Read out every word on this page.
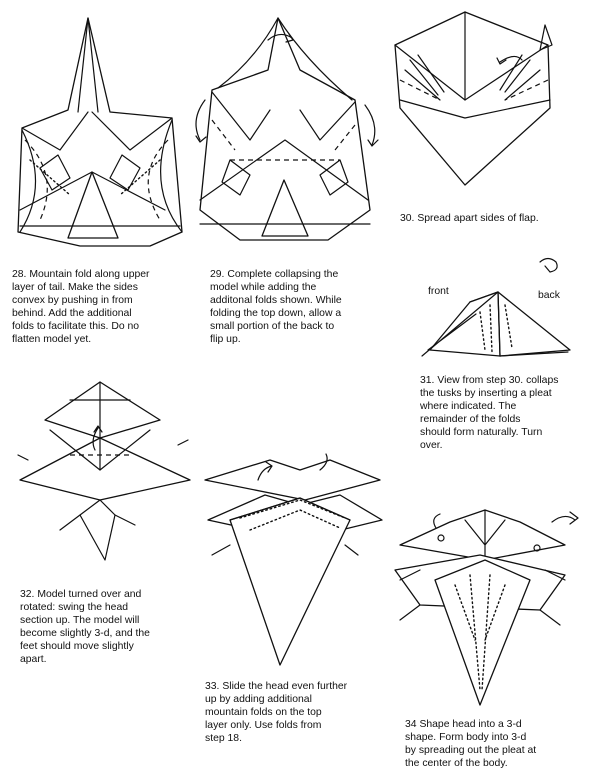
28. Mountain fold along upper
layer of tail. Make the sides
convex by pushing in from
behind. Add the additional
folds to facilitate this. Do no
flatten model yet.
29. Complete collapsing the
model while adding the
additonal folds shown. While
folding the top down, allow a
small portion of the back to
flip up.
30. Spread apart sides of flap.
front	back
31. View from step 30. collaps
the tusks by inserting a pleat
where indicated. The
remainder of the folds
should form naturally. Turn
over.
32. Model turned over and
rotated: swing the head
section up. The model will
become slightly 3-d, and the
feet should move slightly
apart.
33. Slide the head even further
up by adding additional
mountain folds on the top
layer only. Use folds from
step 18.
34 Shape head into a 3-d
shape. Form body into 3-d
by spreading out the pleat at
the center of the body.
